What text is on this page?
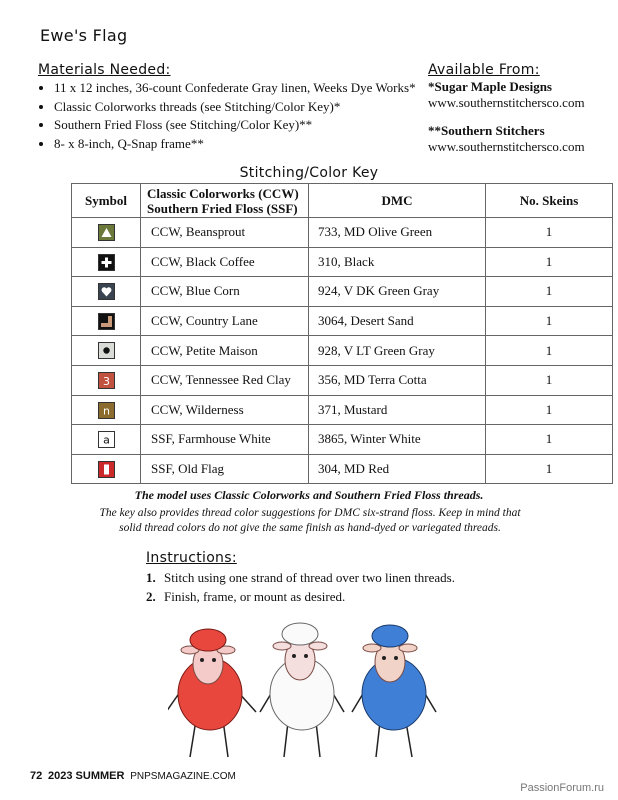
Ewe's Flag
Materials Needed:
• 11 x 12 inches, 36-count Confederate Gray linen, Weeks Dye Works*
• Classic Colorworks threads (see Stitching/Color Key)*
• Southern Fried Floss (see Stitching/Color Key)**
• 8- x 8-inch, Q-Snap frame**
Available From:
*Sugar Maple Designs
www.southernstitchersco.com
**Southern Stitchers
www.southernstitchersco.com
Stitching/Color Key
Symbol	Classic Colorworks (CCW)
Southern Fried Floss (SSF)	DMC	No. Skeins

	CCW, Beansprout	733, MD Olive Green	1

	CCW, Black Coffee	310, Black	1

	CCW, Blue Corn	924, V DK Green Gray	1

	CCW, Country Lane	3064, Desert Sand	1

	CCW, Petite Maison	928, V LT Green Gray	1

3	CCW, Tennessee Red Clay	356, MD Terra Cotta	1

n	CCW, Wilderness	371, Mustard	1

a	SSF, Farmhouse White	3865, Winter White	1

	SSF, Old Flag	304, MD Red	1
The model uses Classic Colorworks and Southern Fried Floss threads.
The key also provides thread color suggestions for DMC six-strand floss. Keep in mind that solid thread colors do not give the same finish as hand-dyed or variegated threads.
Instructions:
1. Stitch using one strand of thread over two linen threads.
2. Finish, frame, or mount as desired.
72 2023 SUMMER PNPSMAGAZINE.COM
PassionForum.ru
